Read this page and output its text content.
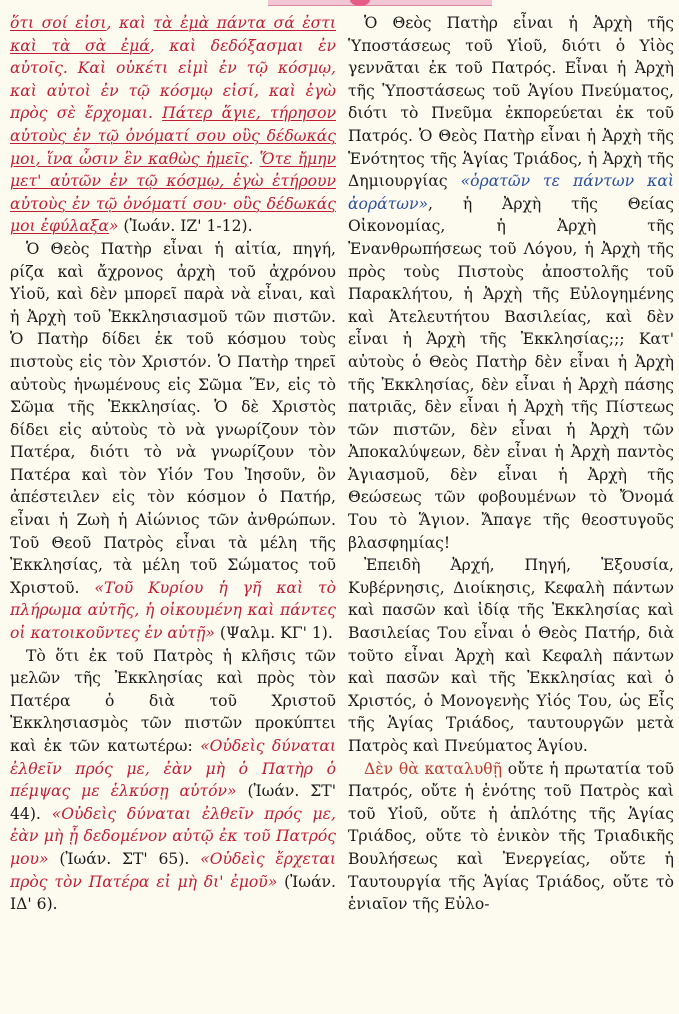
ὅτι σοί εἰσι, καὶ τὰ ἐμὰ πάντα σά ἐστι καὶ τὰ σὰ ἐμά, καὶ δεδόξασμαι ἐν αὐτοῖς. Καὶ οὐκέτι εἰμὶ ἐν τῷ κόσμῳ, καὶ αὐτοὶ ἐν τῷ κόσμῳ εἰσί, καὶ ἐγὼ πρὸς σὲ ἔρχομαι. Πάτερ ἅγιε, τήρησον αὐτοὺς ἐν τῷ ὀνόματί σου οὓς δέδωκάς μοι, ἵνα ὦσιν ἓν καθὼς ἡμεῖς. Ὅτε ἤμην μετ' αὐτῶν ἐν τῷ κόσμῳ, ἐγὼ ἐτήρουν αὐτοὺς ἐν τῷ ὀνόματί σου· οὓς δέδωκάς μοι ἐφύλαξα» (Ἰωάν. ΙΖ' 1-12).

Ὁ Θεὸς Πατὴρ εἶναι ἡ αἰτία, πηγή, ρίζα καὶ ἄχρονος ἀρχὴ τοῦ ἀχρόνου Υἱοῦ, καὶ δὲν μπορεῖ παρὰ νὰ εἶναι, καὶ ἡ Ἀρχὴ τοῦ Ἐκκλησιασμοῦ τῶν πιστῶν. Ὁ Πατὴρ δίδει ἐκ τοῦ κόσμου τοὺς πιστοὺς εἰς τὸν Χριστόν. Ὁ Πατὴρ τηρεῖ αὐτοὺς ἡνωμένους εἰς Σῶμα Ἕν, εἰς τὸ Σῶμα τῆς Ἐκκλησίας. Ὁ δὲ Χριστὸς δίδει εἰς αὐτοὺς τὸ νὰ γνωρίζουν τὸν Πατέρα, διότι τὸ νὰ γνωρίζουν τὸν Πατέρα καὶ τὸν Υἱόν Του Ἰησοῦν, ὃν ἀπέστειλεν εἰς τὸν κόσμον ὁ Πατήρ, εἶναι ἡ Ζωὴ ἡ Αἰώνιος τῶν ἀνθρώπων. Τοῦ Θεοῦ Πατρὸς εἶναι τὰ μέλη τῆς Ἐκκλησίας, τὰ μέλη τοῦ Σώματος τοῦ Χριστοῦ. «Τοῦ Κυρίου ἡ γῆ καὶ τὸ πλήρωμα αὐτῆς, ἡ οἰκουμένη καὶ πάντες οἱ κατοικοῦντες ἐν αὐτῇ» (Ψαλμ. ΚΓ' 1).

Τὸ ὅτι ἐκ τοῦ Πατρὸς ἡ κλῆσις τῶν μελῶν τῆς Ἐκκλησίας καὶ πρὸς τὸν Πατέρα ὁ διὰ τοῦ Χριστοῦ Ἐκκλησιασμὸς τῶν πιστῶν προκύπτει καὶ ἐκ τῶν κατωτέρω: «Οὐδεὶς δύναται ἐλθεῖν πρός με, ἐὰν μὴ ὁ Πατὴρ ὁ πέμψας με ἑλκύσῃ αὐτόν» (Ἰωάν. ΣΤ' 44). «Οὐδεὶς δύναται ἐλθεῖν πρός με, ἐὰν μὴ ᾖ δεδομένον αὐτῷ ἐκ τοῦ Πατρός μου» (Ἰωάν. ΣΤ' 65). «Οὐδεὶς ἔρχεται πρὸς τὸν Πατέρα εἰ μὴ δι' ἐμοῦ» (Ἰωάν. ΙΔ' 6).

Ὁ Θεὸς Πατὴρ εἶναι ἡ Ἀρχὴ τῆς Ὑποστάσεως τοῦ Υἱοῦ, διότι ὁ Υἱὸς γεννᾶται ἐκ τοῦ Πατρός. Εἶναι ἡ Ἀρχὴ τῆς Ὑποστάσεως τοῦ Ἁγίου Πνεύματος, διότι τὸ Πνεῦμα ἐκπορεύεται ἐκ τοῦ Πατρός. Ὁ Θεὸς Πατὴρ εἶναι ἡ Ἀρχὴ τῆς Ἑνότητος τῆς Ἁγίας Τριάδος, ἡ Ἀρχὴ τῆς Δημιουργίας «ὁρατῶν τε πάντων καὶ ἀοράτων», ἡ Ἀρχὴ τῆς Θείας Οἰκονομίας, ἡ Ἀρχὴ τῆς Ἐνανθρωπήσεως τοῦ Λόγου, ἡ Ἀρχὴ τῆς πρὸς τοὺς Πιστοὺς ἀποστολῆς τοῦ Παρακλήτου, ἡ Ἀρχὴ τῆς Εὐλογημένης καὶ Ἀτελευτήτου Βασιλείας, καὶ δὲν εἶναι ἡ Ἀρχὴ τῆς Ἐκκλησίας;;; Κατ' αὐτοὺς ὁ Θεὸς Πατὴρ δὲν εἶναι ἡ Ἀρχὴ τῆς Ἐκκλησίας, δὲν εἶναι ἡ Ἀρχὴ πάσης πατριᾶς, δὲν εἶναι ἡ Ἀρχὴ τῆς Πίστεως τῶν πιστῶν, δὲν εἶναι ἡ Ἀρχὴ τῶν Ἀποκαλύψεων, δὲν εἶναι ἡ Ἀρχὴ παντὸς Ἁγιασμοῦ, δὲν εἶναι ἡ Ἀρχὴ τῆς Θεώσεως τῶν φοβουμένων τὸ Ὄνομά Του τὸ Ἅγιον. Ἄπαγε τῆς θεοστυγοῦς βλασφημίας!

Ἐπειδὴ Ἀρχή, Πηγή, Ἐξουσία, Κυβέρνησις, Διοίκησις, Κεφαλὴ πάντων καὶ πασῶν καὶ ἰδίᾳ τῆς Ἐκκλησίας καὶ Βασιλείας Του εἶναι ὁ Θεὸς Πατήρ, διὰ τοῦτο εἶναι Ἀρχὴ καὶ Κεφαλὴ πάντων καὶ πασῶν καὶ τῆς Ἐκκλησίας καὶ ὁ Χριστός, ὁ Μονογενὴς Υἱός Του, ὡς Εἷς τῆς Ἁγίας Τριάδος, ταυτουργῶν μετὰ Πατρὸς καὶ Πνεύματος Ἁγίου.

Δὲν θὰ καταλυθῇ οὔτε ἡ πρωτατία τοῦ Πατρός, οὔτε ἡ ἑνότης τοῦ Πατρὸς καὶ τοῦ Υἱοῦ, οὔτε ἡ ἁπλότης τῆς Ἁγίας Τριάδος, οὔτε τὸ ἑνικὸν τῆς Τριαδικῆς Βουλήσεως καὶ Ἐνεργείας, οὔτε ἡ Ταυτουργία τῆς Ἁγίας Τριάδος, οὔτε τὸ ἑνιαῖον τῆς Εὐλο-
